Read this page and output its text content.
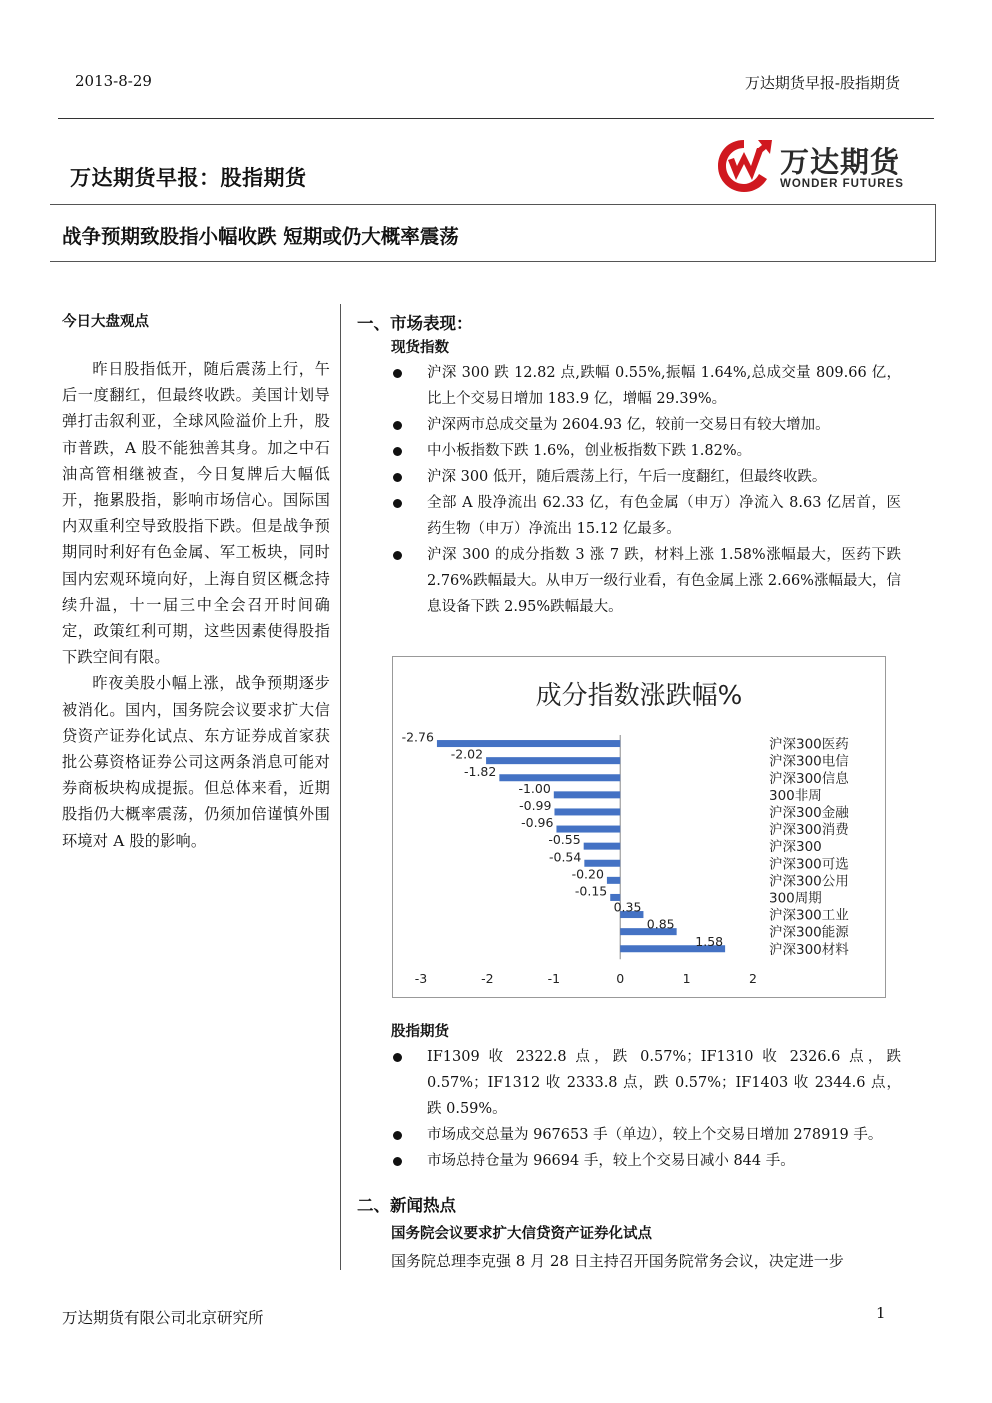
2013-8-29	万达期货早报-股指期货
万达期货早报：股指期货	万达期货
WONDER FUTURES
战争预期致股指小幅收跌 短期或仍大概率震荡
今日大盘观点

昨日股指低开，随后震荡上行，午后一度翻红，但最终收跌。美国计划导弹打击叙利亚，全球风险溢价上升，股市普跌，A 股不能独善其身。加之中石油高管相继被查，今日复牌后大幅低开，拖累股指，影响市场信心。国际国内双重利空导致股指下跌。但是战争预期同时利好有色金属、军工板块，同时国内宏观环境向好，上海自贸区概念持续升温，十一届三中全会召开时间确定，政策红利可期，这些因素使得股指下跌空间有限。

昨夜美股小幅上涨，战争预期逐步被消化。国内，国务院会议要求扩大信贷资产证券化试点、东方证券成首家获批公募资格证券公司这两条消息可能对券商板块构成提振。但总体来看，近期股指仍大概率震荡，仍须加倍谨慎外围环境对 A 股的影响。

一、市场表现：
现货指数
沪深 300 跌 12.82 点,跌幅 0.55%,振幅 1.64%,总成交量 809.66 亿，比上个交易日增加 183.9 亿，增幅 29.39%。
沪深两市总成交量为 2604.93 亿，较前一交易日有较大增加。
中小板指数下跌 1.6%，创业板指数下跌 1.82%。
沪深 300 低开，随后震荡上行，午后一度翻红，但最终收跌。
全部 A 股净流出 62.33 亿，有色金属（申万）净流入 8.63 亿居首，医药生物（申万）净流出 15.12 亿最多。
沪深 300 的成分指数 3 涨 7 跌，材料上涨 1.58%涨幅最大，医药下跌 2.76%跌幅最大。从申万一级行业看，有色金属上涨 2.66%涨幅最大，信息设备下跌 2.95%跌幅最大。
股指期货
IF1309 收 2322.8 点，跌 0.57%；IF1310 收 2326.6 点，跌 0.57%；IF1312 收 2333.8 点，跌 0.57%；IF1403 收 2344.6 点，跌 0.59%。
市场成交总量为 967653 手（单边），较上个交易日增加 278919 手。
市场总持仓量为 96694 手，较上个交易日减小 844 手。
成分指数涨跌幅%
-2.76	沪深300医药
-2.02	沪深300电信
-1.82	沪深300信息
-1.00	300非周
-0.99	沪深300金融
-0.96	沪深300消费
-0.55	沪深300
-0.54	沪深300可选
-0.20	沪深300公用
-0.15	300周期
0.35
沪深300工业
0.85
沪深300能源
1.58
沪深300材料
-3	-2	-1	0	1	2
二、新闻热点
国务院会议要求扩大信贷资产证券化试点
国务院总理李克强 8 月 28 日主持召开国务院常务会议，决定进一步
万达期货有限公司北京研究所	1
